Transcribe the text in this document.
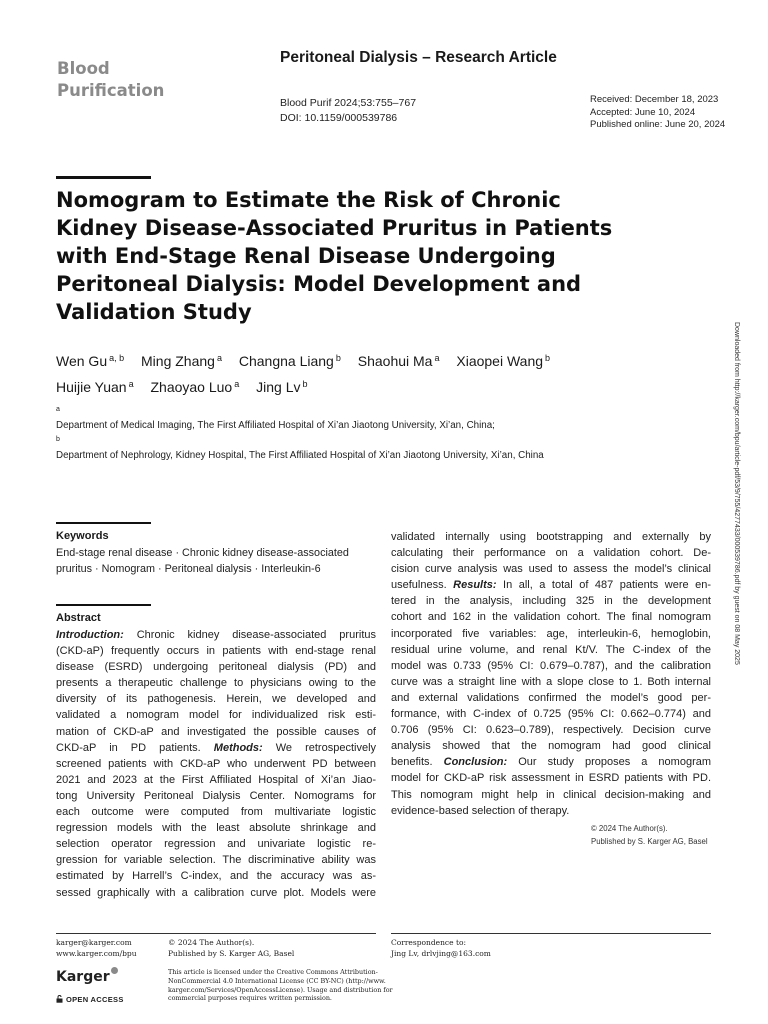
Blood
Purification
Peritoneal Dialysis – Research Article
Blood Purif 2024;53:755–767
DOI: 10.1159/000539786
Received: December 18, 2023
Accepted: June 10, 2024
Published online: June 20, 2024
Nomogram to Estimate the Risk of Chronic
Kidney Disease-Associated Pruritus in Patients
with End-Stage Renal Disease Undergoing
Peritoneal Dialysis: Model Development and
Validation Study
Wen Gu $^{a, b}$ Ming Zhang $^a$ Changna Liang $^b$ Shaohui Ma $^a$ Xiaopei Wang $^b$
Huijie Yuan $^a$ Zhaoyao Luo $^a$ Jing Lv $^b$
$^a$
Department of Medical Imaging, The First Affiliated Hospital of Xi’an Jiaotong University, Xi’an, China;
$^b$
Department of Nephrology, Kidney Hospital, The First Affiliated Hospital of Xi’an Jiaotong University, Xi’an, China	Downloaded from http://karger.com/bpu/article-pdf/53/9/755/4277433/000539786.pdf by guest on 08 May 2025
Keywords
End-stage renal disease · Chronic kidney disease-associated
pruritus · Nomogram · Peritoneal dialysis · Interleukin-6
Abstract
Introduction: Chronic kidney disease-associated pruritus
(CKD-aP) frequently occurs in patients with end-stage renal
disease (ESRD) undergoing peritoneal dialysis (PD) and
presents a therapeutic challenge to physicians owing to the
diversity of its pathogenesis. Herein, we developed and
validated a nomogram model for individualized risk esti-
mation of CKD-aP and investigated the possible causes of
CKD-aP in PD patients. Methods: We retrospectively
screened patients with CKD-aP who underwent PD between
2021 and 2023 at the First Affiliated Hospital of Xi’an Jiao-
tong University Peritoneal Dialysis Center. Nomograms for
each outcome were computed from multivariate logistic
regression models with the least absolute shrinkage and
selection operator regression and univariate logistic re-
gression for variable selection. The discriminative ability was
estimated by Harrell’s C-index, and the accuracy was as-
sessed graphically with a calibration curve plot. Models were
validated internally using bootstrapping and externally by
calculating their performance on a validation cohort. De-
cision curve analysis was used to assess the model’s clinical
usefulness. Results: In all, a total of 487 patients were en-
tered in the analysis, including 325 in the development
cohort and 162 in the validation cohort. The final nomogram
incorporated five variables: age, interleukin-6, hemoglobin,
residual urine volume, and renal Kt/V. The C-index of the
model was 0.733 (95% CI: 0.679–0.787), and the calibration
curve was a straight line with a slope close to 1. Both internal
and external validations confirmed the model’s good per-
formance, with C-index of 0.725 (95% CI: 0.662–0.774) and
0.706 (95% CI: 0.623–0.789), respectively. Decision curve
analysis showed that the nomogram had good clinical
benefits. Conclusion: Our study proposes a nomogram
model for CKD-aP risk assessment in ESRD patients with PD.
This nomogram might help in clinical decision-making and
evidence-based selection of therapy.
© 2024 The Author(s).
Published by S. Karger AG, Basel
karger@karger.com
www.karger.com/bpu
© 2024 The Author(s).
Published by S. Karger AG, Basel
This article is licensed under the Creative Commons Attribution-
NonCommercial 4.0 International License (CC BY-NC) (http://www.
karger.com/Services/OpenAccessLicense). Usage and distribution for
commercial purposes requires written permission.
Correspondence to:
Jing Lv, drlvjing@163.com
Karger
OPEN ACCESS
